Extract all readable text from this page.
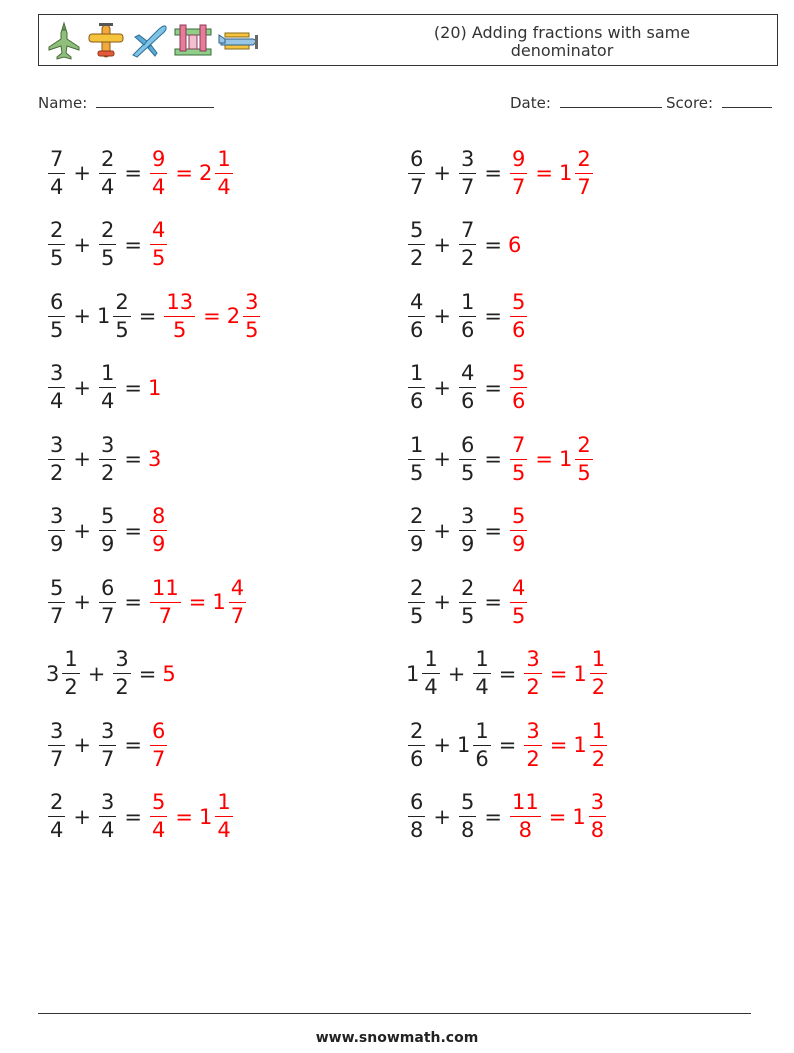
(20) Adding fractions with same denominator
Name:	Date:	Score:
$\frac{7}{4} + \frac{2}{4} = \frac{9}{4} = 2 \frac{1}{4}$
$\frac{2}{5} + \frac{2}{5} = \frac{4}{5}$
$\frac{6}{5} + 1 \frac{2}{5} = \frac{13}{5} = 2 \frac{3}{5}$
$\frac{3}{4} + \frac{1}{4} = 1$
$\frac{3}{2} + \frac{3}{2} = 3$
$\frac{3}{9} + \frac{5}{9} = \frac{8}{9}$
$\frac{5}{7} + \frac{6}{7} = \frac{11}{7} = 1 \frac{4}{7}$
$3 \frac{1}{2} + \frac{3}{2} = 5$
$\frac{3}{7} + \frac{3}{7} = \frac{6}{7}$
$\frac{2}{4} + \frac{3}{4} = \frac{5}{4} = 1 \frac{1}{4}$
$\frac{6}{7} + \frac{3}{7} = \frac{9}{7} = 1 \frac{2}{7}$
$\frac{5}{2} + \frac{7}{2} = 6$
$\frac{4}{6} + \frac{1}{6} = \frac{5}{6}$
$\frac{1}{6} + \frac{4}{6} = \frac{5}{6}$
$\frac{1}{5} + \frac{6}{5} = \frac{7}{5} = 1 \frac{2}{5}$
$\frac{2}{9} + \frac{3}{9} = \frac{5}{9}$
$\frac{2}{5} + \frac{2}{5} = \frac{4}{5}$
$1 \frac{1}{4} + \frac{1}{4} = \frac{3}{2} = 1 \frac{1}{2}$
$\frac{2}{6} + 1 \frac{1}{6} = \frac{3}{2} = 1 \frac{1}{2}$
$\frac{6}{8} + \frac{5}{8} = \frac{11}{8} = 1 \frac{3}{8}$
www.snowmath.com
